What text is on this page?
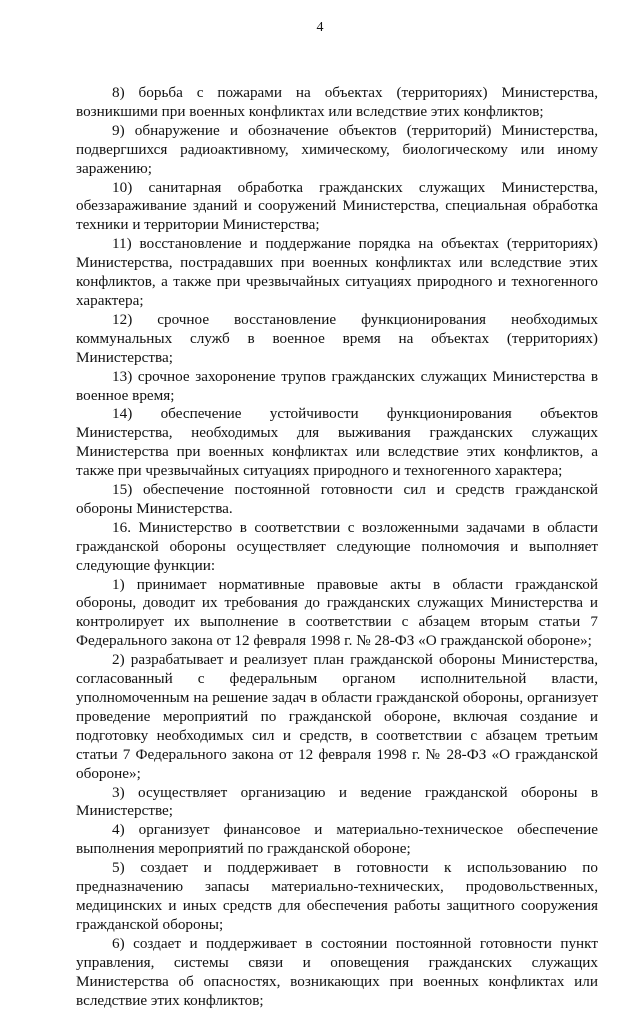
4

8) борьба с пожарами на объектах (территориях) Министерства, возникшими при военных конфликтах или вследствие этих конфликтов;

9) обнаружение и обозначение объектов (территорий) Министерства, подвергшихся радиоактивному, химическому, биологическому или иному заражению;

10) санитарная обработка гражданских служащих Министерства, обеззараживание зданий и сооружений Министерства, специальная обработка техники и территории Министерства;

11) восстановление и поддержание порядка на объектах (территориях) Министерства, пострадавших при военных конфликтах или вследствие этих конфликтов, а также при чрезвычайных ситуациях природного и техногенного характера;

12) срочное восстановление функционирования необходимых коммунальных служб в военное время на объектах (территориях) Министерства;

13) срочное захоронение трупов гражданских служащих Министерства в военное время;

14) обеспечение устойчивости функционирования объектов Министерства, необходимых для выживания гражданских служащих Министерства при военных конфликтах или вследствие этих конфликтов, а также при чрезвычайных ситуациях природного и техногенного характера;

15) обеспечение постоянной готовности сил и средств гражданской обороны Министерства.

16. Министерство в соответствии с возложенными задачами в области гражданской обороны осуществляет следующие полномочия и выполняет следующие функции:

1) принимает нормативные правовые акты в области гражданской обороны, доводит их требования до гражданских служащих Министерства и контролирует их выполнение в соответствии с абзацем вторым статьи 7 Федерального закона от 12 февраля 1998 г. № 28-ФЗ «О гражданской обороне»;

2) разрабатывает и реализует план гражданской обороны Министерства, согласованный с федеральным органом исполнительной власти, уполномоченным на решение задач в области гражданской обороны, организует проведение мероприятий по гражданской обороне, включая создание и подготовку необходимых сил и средств, в соответствии с абзацем третьим статьи 7 Федерального закона от 12 февраля 1998 г. № 28-ФЗ «О гражданской обороне»;

3) осуществляет организацию и ведение гражданской обороны в Министерстве;

4) организует финансовое и материально-техническое обеспечение выполнения мероприятий по гражданской обороне;

5) создает и поддерживает в готовности к использованию по предназначению запасы материально-технических, продовольственных, медицинских и иных средств для обеспечения работы защитного сооружения гражданской обороны;

6) создает и поддерживает в состоянии постоянной готовности пункт управления, системы связи и оповещения гражданских служащих Министерства об опасностях, возникающих при военных конфликтах или вследствие этих конфликтов;
